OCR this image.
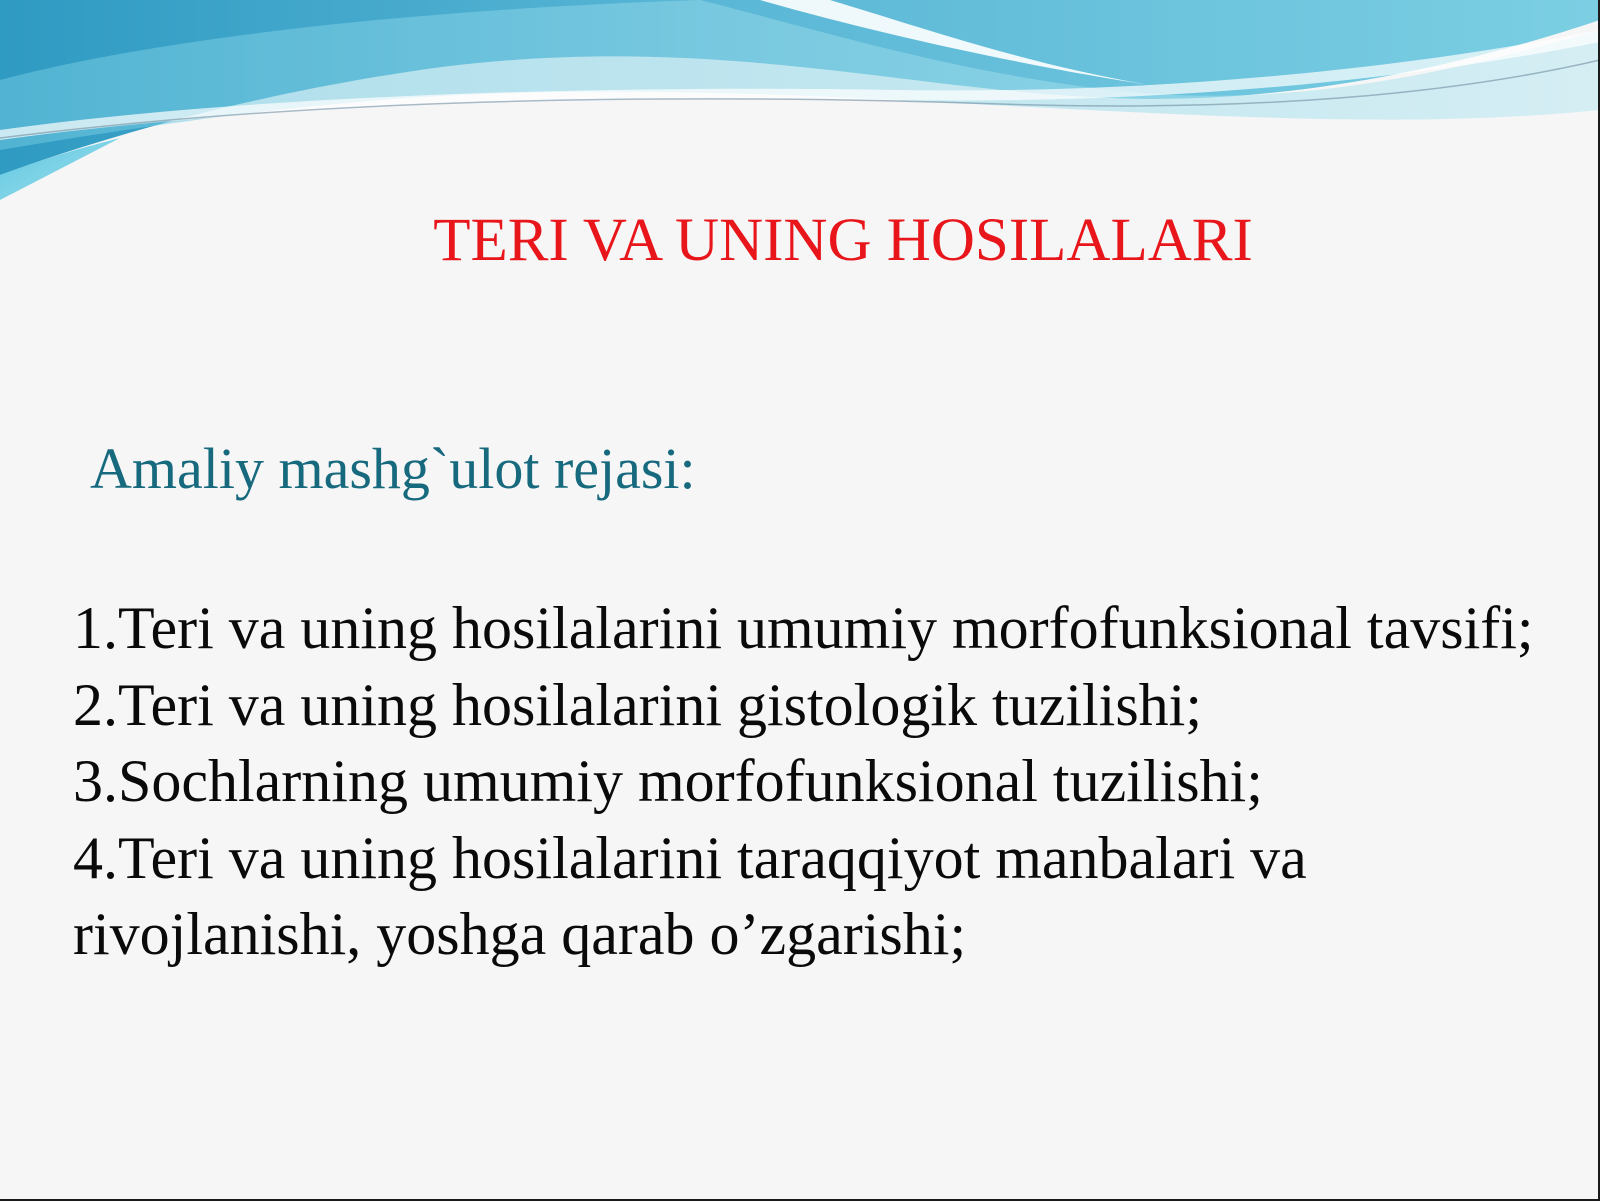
TERI VA UNING HOSILALARI
Amaliy mashg`ulot rejasi:
1.Teri va uning hosilalarini umumiy morfofunksional tavsifi;
2.Teri va uning hosilalarini gistologik tuzilishi;
3.Sochlarning umumiy morfofunksional tuzilishi;
4.Teri va uning hosilalarini taraqqiyot manbalari va rivojlanishi, yoshga qarab o’zgarishi;
